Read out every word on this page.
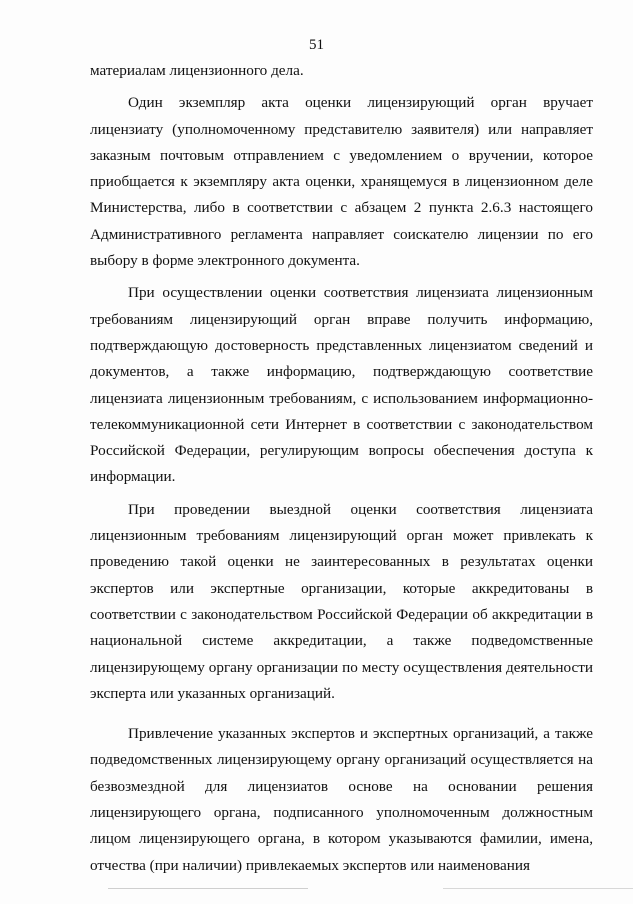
51

материалам лицензионного дела.

Один экземпляр акта оценки лицензирующий орган вручает лицензиату (уполномоченному представителю заявителя) или направляет заказным почтовым отправлением с уведомлением о вручении, которое приобщается к экземпляру акта оценки, хранящемуся в лицензионном деле Министерства, либо в соответствии с абзацем 2 пункта 2.6.3 настоящего Административного регламента направляет соискателю лицензии по его выбору в форме электронного документа.

При осуществлении оценки соответствия лицензиата лицензионным требованиям лицензирующий орган вправе получить информацию, подтверждающую достоверность представленных лицензиатом сведений и документов, а также информацию, подтверждающую соответствие лицензиата лицензионным требованиям, с использованием информационно-телекоммуникационной сети Интернет в соответствии с законодательством Российской Федерации, регулирующим вопросы обеспечения доступа к информации.

При проведении выездной оценки соответствия лицензиата лицензионным требованиям лицензирующий орган может привлекать к проведению такой оценки не заинтересованных в результатах оценки экспертов или экспертные организации, которые аккредитованы в соответствии с законодательством Российской Федерации об аккредитации в национальной системе аккредитации, а также подведомственные лицензирующему органу организации по месту осуществления деятельности эксперта или указанных организаций.

Привлечение указанных экспертов и экспертных организаций, а также подведомственных лицензирующему органу организаций осуществляется на безвозмездной для лицензиатов основе на основании решения лицензирующего органа, подписанного уполномоченным должностным лицом лицензирующего органа, в котором указываются фамилии, имена, отчества (при наличии) привлекаемых экспертов или наименования
